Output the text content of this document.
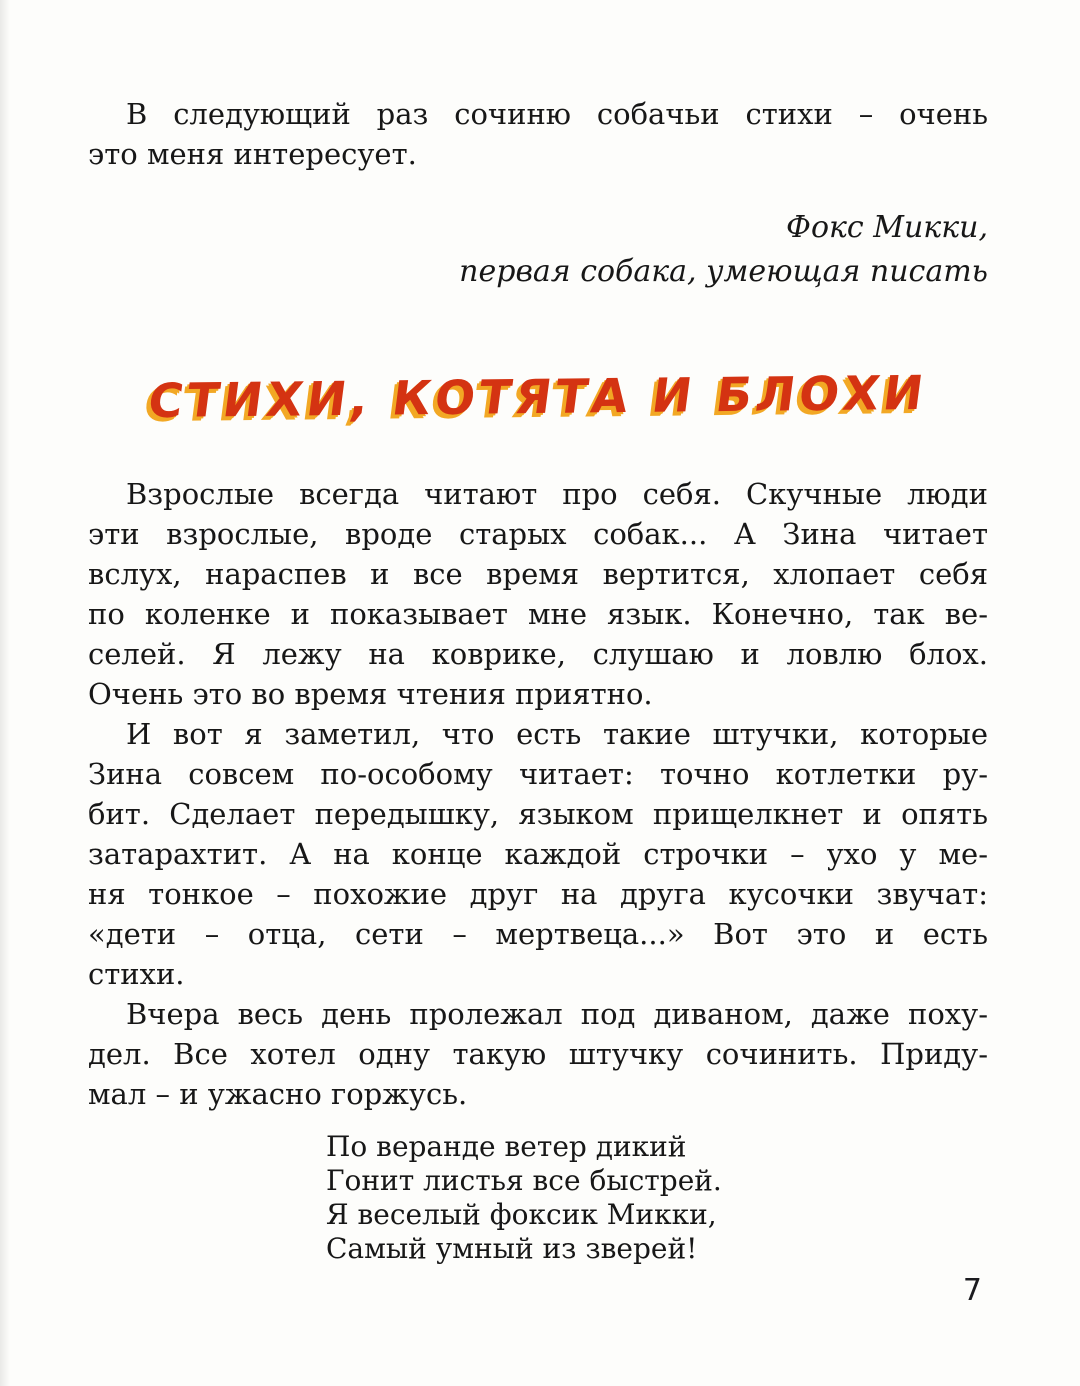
В следующий раз сочиню собачьи стихи – очень
это меня интересует.
Фокс Микки,
первая собака, умеющая писать
СТИХИ, КОТЯТА И БЛОХИ
Взрослые всегда читают про себя. Скучные люди
эти взрослые, вроде старых собак... А Зина читает
вслух, нараспев и все время вертится, хлопает себя
по коленке и показывает мне язык. Конечно, так ве-
селей. Я лежу на коврике, слушаю и ловлю блох.
Очень это во время чтения приятно.
И вот я заметил, что есть такие штучки, которые
Зина совсем по-особому читает: точно котлетки ру-
бит. Сделает передышку, языком прищелкнет и опять
затарахтит. А на конце каждой строчки – ухо у ме-
ня тонкое – похожие друг на друга кусочки звучат:
«дети – отца, сети – мертвеца...» Вот это и есть
стихи.
Вчера весь день пролежал под диваном, даже поху-
дел. Все хотел одну такую штучку сочинить. Приду-
мал – и ужасно горжусь.
По веранде ветер дикий
Гонит листья все быстрей.
Я веселый фоксик Микки,
Самый умный из зверей!
7
